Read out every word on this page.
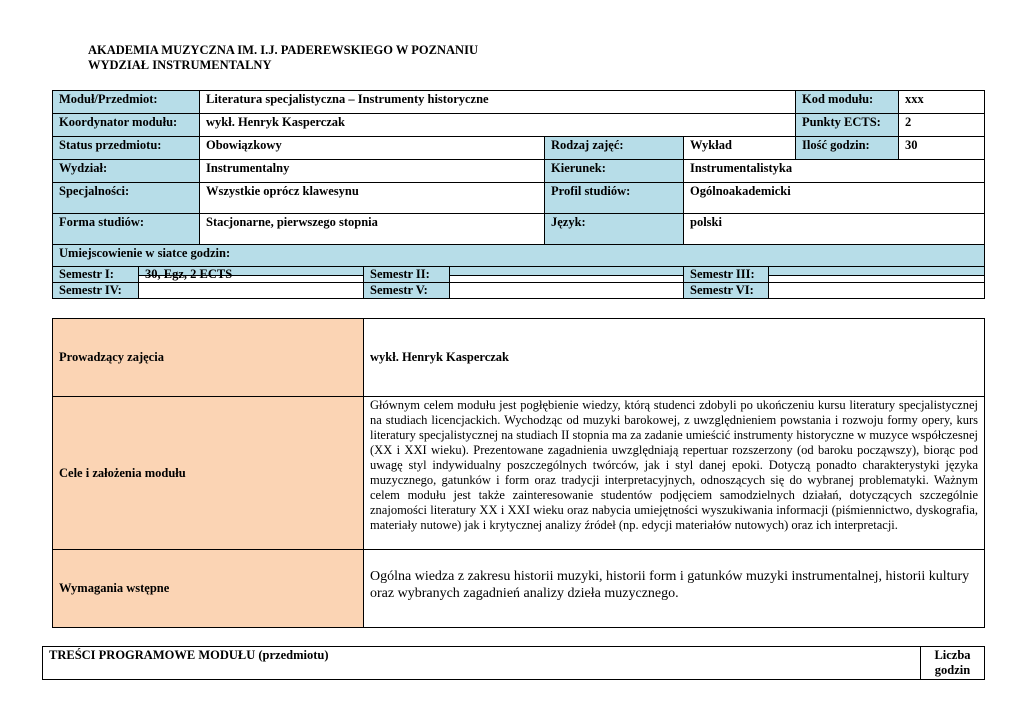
AKADEMIA MUZYCZNA IM. I.J. PADEREWSKIEGO W POZNANIU
WYDZIAŁ INSTRUMENTALNY
Moduł/Przedmiot:	Literatura specjalistyczna – Instrumenty historyczne			Kod modułu:	xxx
Koordynator modułu:	wykł. Henryk Kasperczak			Punkty ECTS:	2
Status przedmiotu:	Obowiązkowy	Rodzaj zajęć:	Wykład	Ilość godzin:	30
Wydział:	Instrumentalny	Kierunek:	Instrumentalistyka		
Specjalności:	Wszystkie oprócz klawesynu	Profil studiów:	Ogólnoakademicki		
Forma studiów:	Stacjonarne, pierwszego stopnia	Język:	polski		
Umiejscowienie w siatce godzin:					
Semestr I:	30, Egz, 2 ECTS	Semestr II:		Semestr III:	
Semestr IV:		Semestr V:		Semestr VI:	
Prowadzący zajęcia	wykł. Henryk Kasperczak
Cele i założenia modułu	Głównym celem modułu jest pogłębienie wiedzy, którą studenci zdobyli po ukończeniu kursu literatury specjalistycznej na studiach licencjackich. Wychodząc od muzyki barokowej, z uwzględnieniem powstania i rozwoju formy opery, kurs literatury specjalistycznej na studiach II stopnia ma za zadanie umieścić instrumenty historyczne w muzyce współczesnej (XX i XXI wieku). Prezentowane zagadnienia uwzględniają repertuar rozszerzony (od baroku począwszy), biorąc pod uwagę styl indywidualny poszczególnych twórców, jak i styl danej epoki. Dotyczą ponadto charakterystyki języka muzycznego, gatunków i form oraz tradycji interpretacyjnych, odnoszących się do wybranej problematyki. Ważnym celem modułu jest także zainteresowanie studentów podjęciem samodzielnych działań, dotyczących szczególnie znajomości literatury XX i XXI wieku oraz nabycia umiejętności wyszukiwania informacji (piśmiennictwo, dyskografia, materiały nutowe) jak i krytycznej analizy źródeł (np. edycji materiałów nutowych) oraz ich interpretacji.
Wymagania wstępne	Ogólna wiedza z zakresu historii muzyki, historii form i gatunków muzyki instrumentalnej, historii kultury oraz wybranych zagadnień analizy dzieła muzycznego.
TREŚCI PROGRAMOWE MODUŁU (przedmiotu)	Liczba
godzin
